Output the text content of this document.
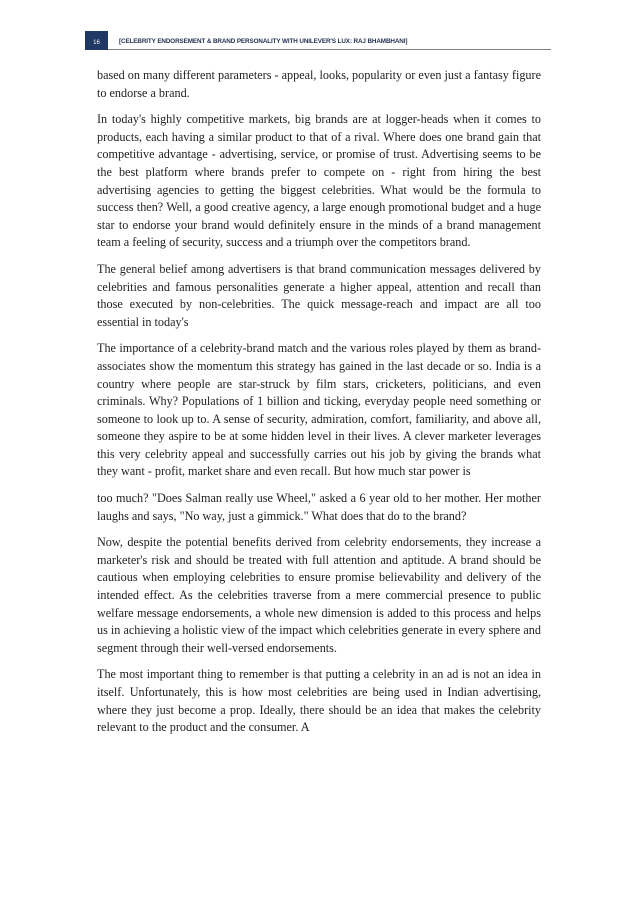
16	[CELEBRITY ENDORSEMENT & BRAND PERSONALITY WITH UNILEVER'S LUX: RAJ BHAMBHANI]

based on many different parameters - appeal, looks, popularity or even just a fantasy figure to endorse a brand.

In today's highly competitive markets, big brands are at logger-heads when it comes to products, each having a similar product to that of a rival. Where does one brand gain that competitive advantage - advertising, service, or promise of trust. Advertising seems to be the best platform where brands prefer to compete on - right from hiring the best advertising agencies to getting the biggest celebrities. What would be the formula to success then? Well, a good creative agency, a large enough promotional budget and a huge star to endorse your brand would definitely ensure in the minds of a brand management team a feeling of security, success and a triumph over the competitors brand.

The general belief among advertisers is that brand communication messages delivered by celebrities and famous personalities generate a higher appeal, attention and recall than those executed by non-celebrities. The quick message-reach and impact are all too essential in today's

The importance of a celebrity-brand match and the various roles played by them as brand- associates show the momentum this strategy has gained in the last decade or so. India is a country where people are star-struck by film stars, cricketers, politicians, and even criminals. Why? Populations of 1 billion and ticking, everyday people need something or someone to look up to. A sense of security, admiration, comfort, familiarity, and above all, someone they aspire to be at some hidden level in their lives. A clever marketer leverages this very celebrity appeal and successfully carries out his job by giving the brands what they want - profit, market share and even recall. But how much star power is

too much? "Does Salman really use Wheel," asked a 6 year old to her mother. Her mother laughs and says, "No way, just a gimmick." What does that do to the brand?

Now, despite the potential benefits derived from celebrity endorsements, they increase a marketer's risk and should be treated with full attention and aptitude. A brand should be cautious when employing celebrities to ensure promise believability and delivery of the intended effect. As the celebrities traverse from a mere commercial presence to public welfare message endorsements, a whole new dimension is added to this process and helps us in achieving a holistic view of the impact which celebrities generate in every sphere and segment through their well-versed endorsements.

The most important thing to remember is that putting a celebrity in an ad is not an idea in itself. Unfortunately, this is how most celebrities are being used in Indian advertising, where they just become a prop. Ideally, there should be an idea that makes the celebrity relevant to the product and the consumer. A
